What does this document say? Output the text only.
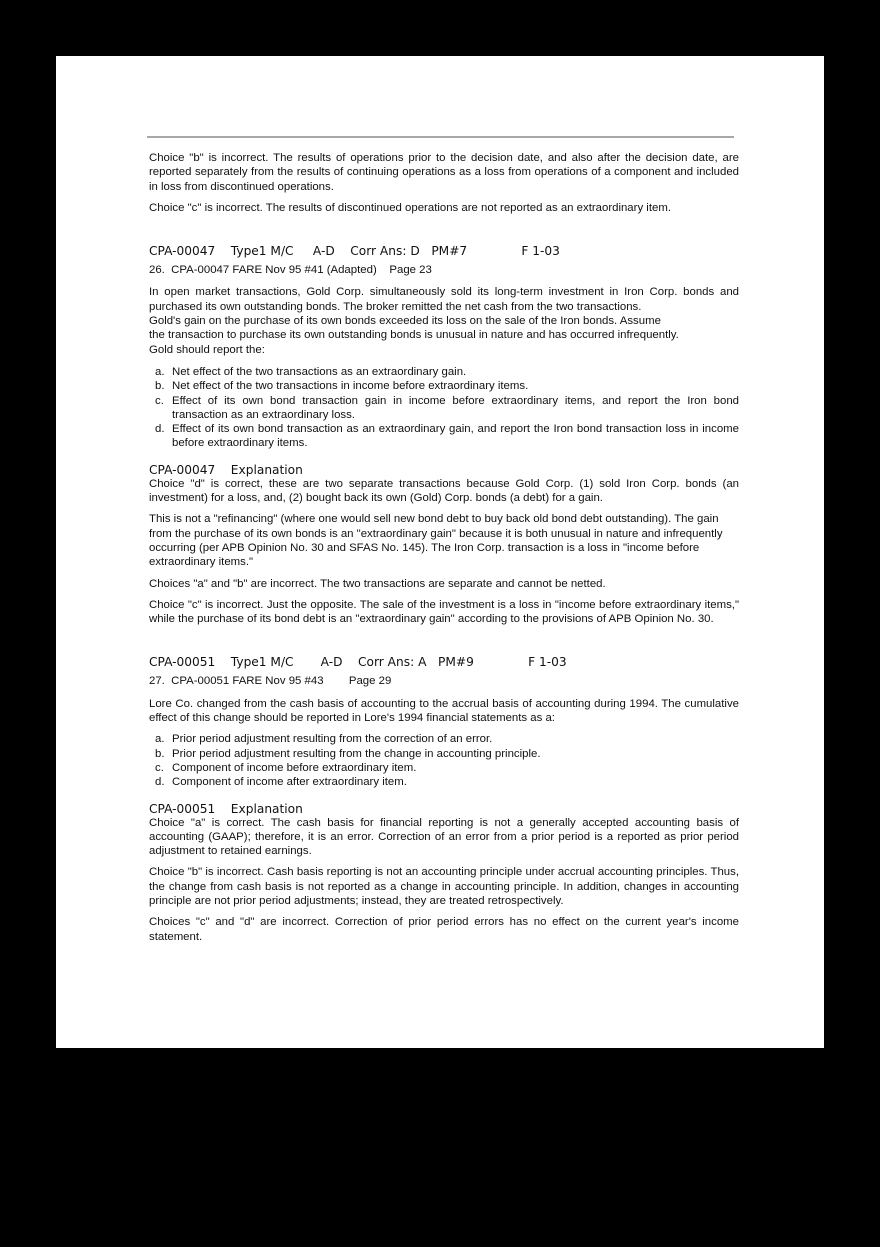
Choice "b" is incorrect. The results of operations prior to the decision date, and also after the decision date, are reported separately from the results of continuing operations as a loss from operations of a component and included in loss from discontinued operations.

Choice "c" is incorrect. The results of discontinued operations are not reported as an extraordinary item.

CPA-00047    Type1 M/C     A-D    Corr Ans: D   PM#7              F 1-03
26.  CPA-00047 FARE Nov 95 #41 (Adapted)    Page 23
In open market transactions, Gold Corp. simultaneously sold its long-term investment in Iron Corp. bonds and purchased its own outstanding bonds. The broker remitted the net cash from the two transactions.
Gold's gain on the purchase of its own bonds exceeded its loss on the sale of the Iron bonds. Assume
the transaction to purchase its own outstanding bonds is unusual in nature and has occurred infrequently.
Gold should report the:
a. Net effect of the two transactions as an extraordinary gain.
b. Net effect of the two transactions in income before extraordinary items.
c. Effect of its own bond transaction gain in income before extraordinary items, and report the Iron bond transaction as an extraordinary loss.
d. Effect of its own bond transaction as an extraordinary gain, and report the Iron bond transaction loss in income before extraordinary items.
CPA-00047    Explanation

Choice "d" is correct, these are two separate transactions because Gold Corp. (1) sold Iron Corp. bonds (an investment) for a loss, and, (2) bought back its own (Gold) Corp. bonds (a debt) for a gain.

This is not a "refinancing" (where one would sell new bond debt to buy back old bond debt outstanding). The gain from the purchase of its own bonds is an "extraordinary gain" because it is both unusual in nature and infrequently occurring (per APB Opinion No. 30 and SFAS No. 145). The Iron Corp. transaction is a loss in "income before extraordinary items."

Choices "a" and "b" are incorrect. The two transactions are separate and cannot be netted.

Choice "c" is incorrect. Just the opposite. The sale of the investment is a loss in "income before extraordinary items," while the purchase of its bond debt is an "extraordinary gain" according to the provisions of APB Opinion No. 30.

CPA-00051    Type1 M/C       A-D    Corr Ans: A   PM#9              F 1-03
27.  CPA-00051 FARE Nov 95 #43        Page 29

Lore Co. changed from the cash basis of accounting to the accrual basis of accounting during 1994. The cumulative effect of this change should be reported in Lore's 1994 financial statements as a:

a. Prior period adjustment resulting from the correction of an error.
b. Prior period adjustment resulting from the change in accounting principle.
c. Component of income before extraordinary item.
d. Component of income after extraordinary item.
CPA-00051    Explanation

Choice "a" is correct. The cash basis for financial reporting is not a generally accepted accounting basis of accounting (GAAP); therefore, it is an error. Correction of an error from a prior period is a reported as prior period adjustment to retained earnings.

Choice "b" is incorrect. Cash basis reporting is not an accounting principle under accrual accounting principles. Thus, the change from cash basis is not reported as a change in accounting principle. In addition, changes in accounting principle are not prior period adjustments; instead, they are treated retrospectively.

Choices "c" and "d" are incorrect. Correction of prior period errors has no effect on the current year's income statement.
